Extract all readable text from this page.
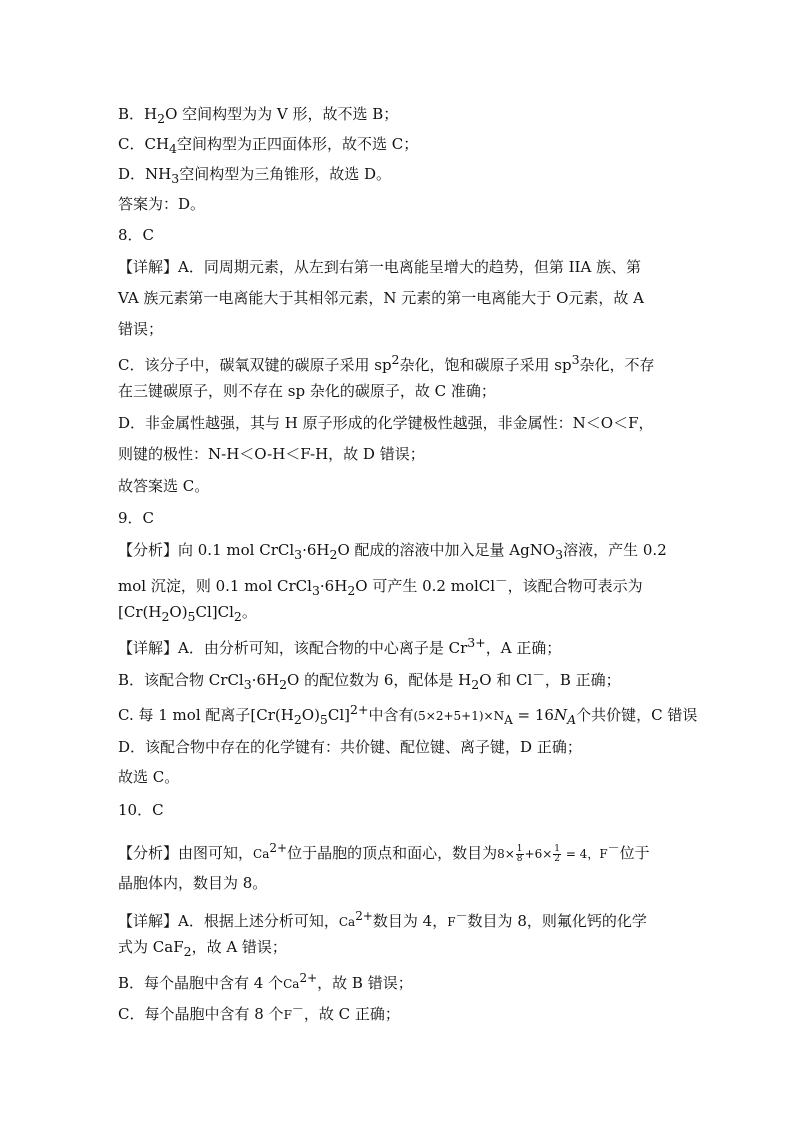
B．$H_2O$ 空间构型为为 V 形，故不选 B；
C．$CH_4$空间构型为正四面体形，故不选 C；
D．$NH_3$空间构型为三角锥形，故选 D。
答案为：D。
8．C
【详解】A．同周期元素，从左到右第一电离能呈增大的趋势，但第 IIA 族、第
VA 族元素第一电离能大于其相邻元素，N 元素的第一电离能大于 O元素，故 A
错误；
C．该分子中，碳氧双键的碳原子采用 $sp^2$杂化，饱和碳原子采用 $sp^3$杂化，不存
在三键碳原子，则不存在 sp 杂化的碳原子，故 C 准确；
D．非金属性越强，其与 H 原子形成的化学键极性越强，非金属性：N＜O＜F，
则键的极性：N-H＜O-H＜F-H，故 D 错误；
故答案选 C。
9．C
【分析】向 0.1 mol $CrCl_3\cdot 6H_2O$ 配成的溶液中加入足量 AgNO$_3$溶液，产生 0.2
mol 沉淀，则 0.1 mol $CrCl_3\cdot 6H_2O$ 可产生 0.2 molCl－，该配合物可表示为
$[Cr(H_2O)_5Cl]Cl_2$。
【详解】A．由分析可知，该配合物的中心离子是 $Cr^{3+}$，A 正确；
B．该配合物 $CrCl_3\cdot 6H_2O$ 的配位数为 6，配体是 $H_2O$ 和 Cl－，B 正确；
C. 每 1 mol 配离子$[Cr(H_2O)_5Cl]^{2+}$中含有$(5\times 2+5+1)\times N_A = 16N_A$个共价键，C 错误
D．该配合物中存在的化学键有：共价键、配位键、离子键，D 正确；
故选 C。
10．C
【分析】由图可知，$Ca^{2+}$位于晶胞的顶点和面心，数目为$8\times \frac{1}{8} +6\times \frac{1}{2} = 4$，F－位于
晶胞体内，数目为 8。
【详解】A．根据上述分析可知，$Ca^{2+}$数目为 4，F－数目为 8，则氟化钙的化学
式为 CaF$_2$，故 A 错误；
B．每个晶胞中含有 4 个$Ca^{2+}$，故 B 错误；
C．每个晶胞中含有 8 个F－，故 C 正确；
